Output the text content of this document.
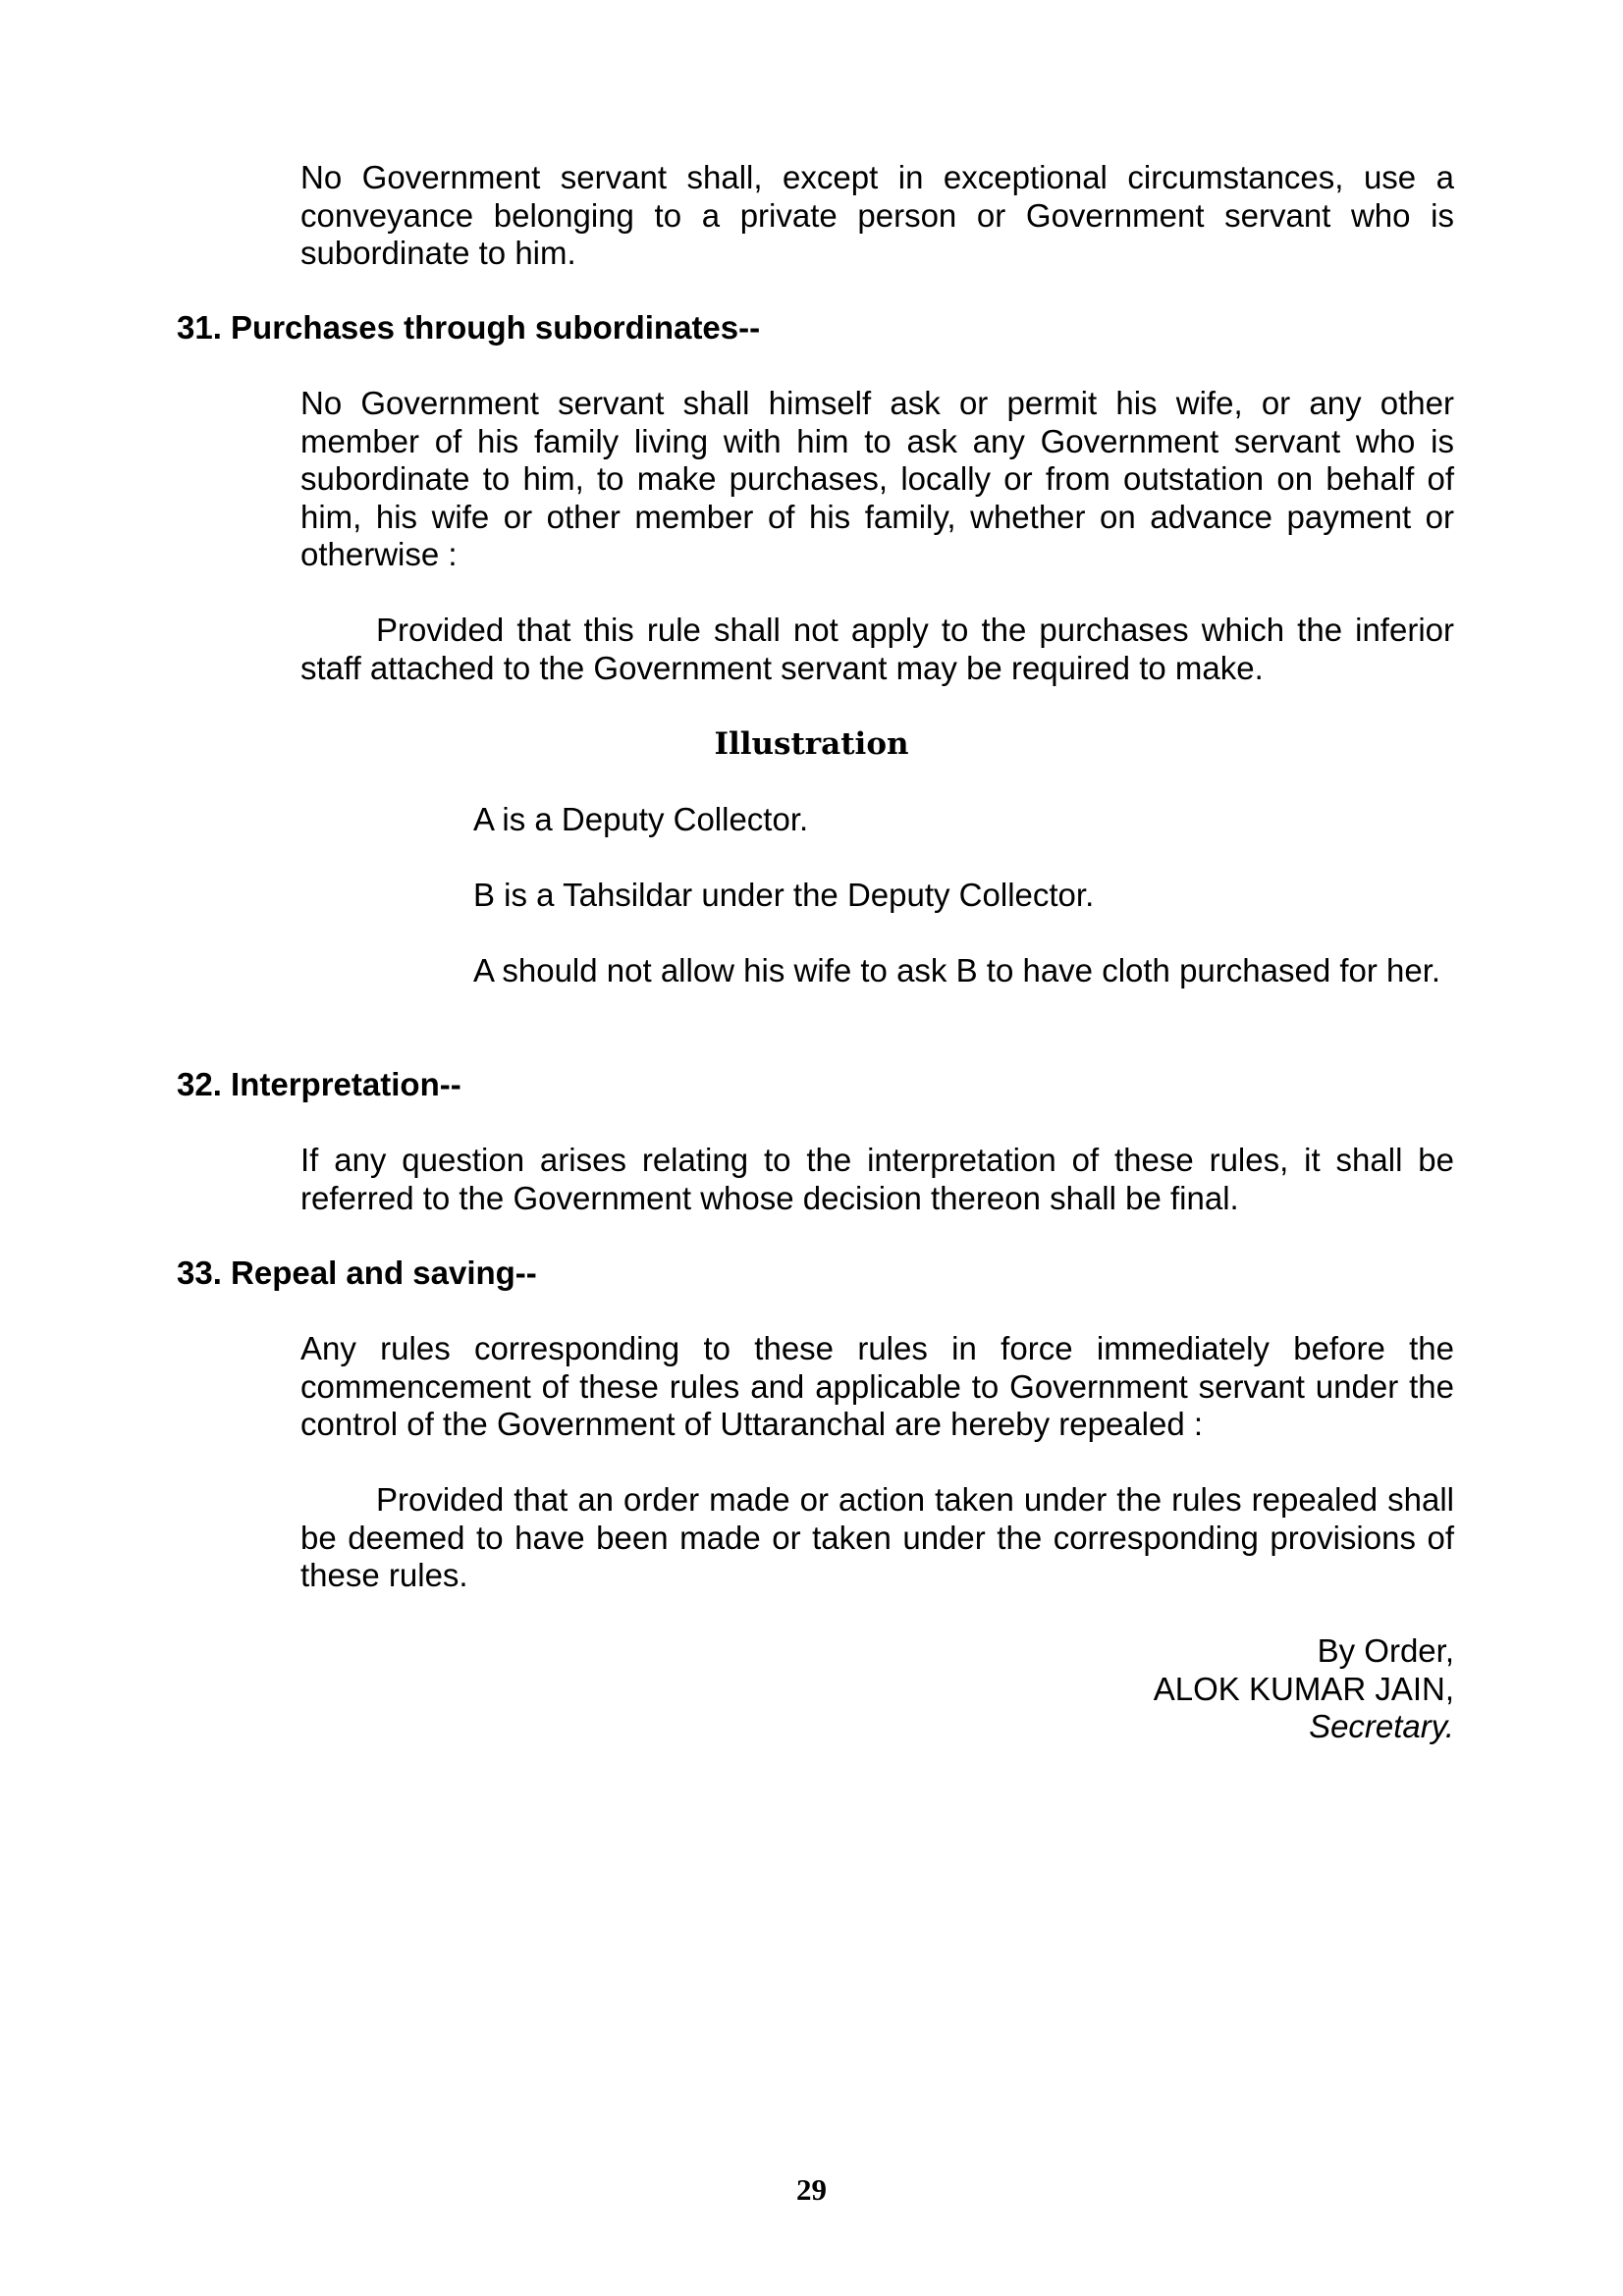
No Government servant shall, except in exceptional circumstances, use a conveyance belonging to a private person or Government servant who is subordinate to him.

31. Purchases through subordinates--

No Government servant shall himself ask or permit his wife, or any other member of his family living with him to ask any Government servant who is subordinate to him, to make purchases, locally or from outstation on behalf of him, his wife or other member of his family, whether on advance payment or otherwise :

Provided that this rule shall not apply to the purchases which the inferior staff attached to the Government servant may be required to make.

Illustration

A is a Deputy Collector.

B is a Tahsildar under the Deputy Collector.

A should not allow his wife to ask B to have cloth purchased for her.

32. Interpretation--

If any question arises relating to the interpretation of these rules, it shall be referred to the Government whose decision thereon shall be final.

33. Repeal and saving--

Any rules corresponding to these rules in force immediately before the commencement of these rules and applicable to Government servant under the control of the Government of Uttaranchal are hereby repealed :

Provided that an order made or action taken under the rules repealed shall be deemed to have been made or taken under the corresponding provisions of these rules.

By Order,
ALOK KUMAR JAIN,
Secretary.

29
